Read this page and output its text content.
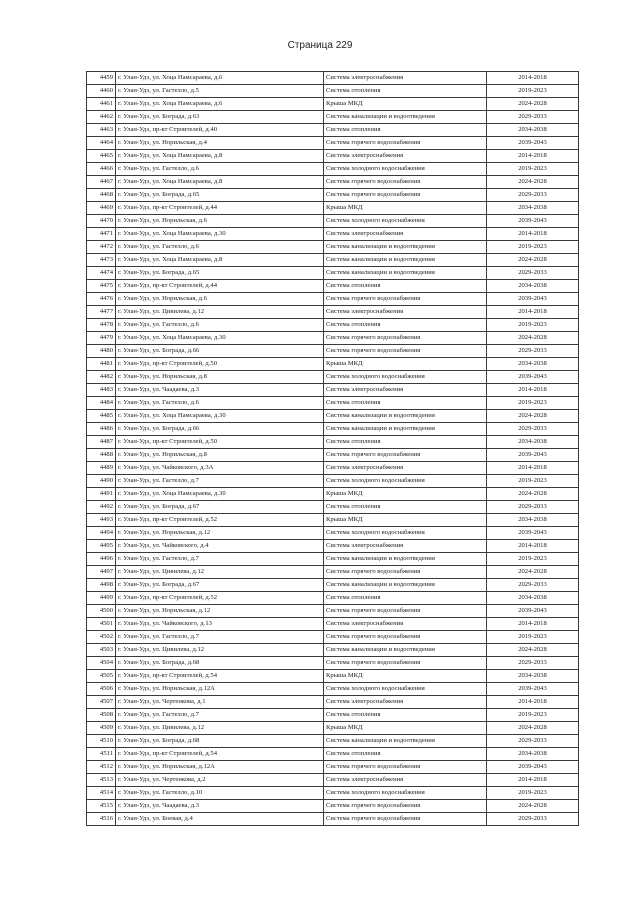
Страница 229
4459	г. Улан-Удэ, ул. Хоца Намсараева, д.6	Система электроснабжения	2014-2018
4460	г. Улан-Удэ, ул. Гастелло, д.5	Система отопления	2019-2023
4461	г. Улан-Удэ, ул. Хоца Намсараева, д.6	Крыша МКД	2024-2028
4462	г. Улан-Удэ, ул. Бограда, д.63	Система канализации и водоотведения	2029-2033
4463	г. Улан-Удэ, пр-кт Строителей, д.40	Система отопления	2034-2038
4464	г. Улан-Удэ, ул. Норильская, д.4	Система горячего водоснабжения	2039-2043
4465	г. Улан-Удэ, ул. Хоца Намсараева, д.8	Система электроснабжения	2014-2018
4466	г. Улан-Удэ, ул. Гастелло, д.6	Система холодного водоснабжения	2019-2023
4467	г. Улан-Удэ, ул. Хоца Намсараева, д.8	Система горячего водоснабжения	2024-2028
4468	г. Улан-Удэ, ул. Бограда, д.65	Система горячего водоснабжения	2029-2033
4469	г. Улан-Удэ, пр-кт Строителей, д.44	Крыша МКД	2034-2038
4470	г. Улан-Удэ, ул. Норильская, д.6	Система холодного водоснабжения	2039-2043
4471	г. Улан-Удэ, ул. Хоца Намсараева, д.30	Система электроснабжения	2014-2018
4472	г. Улан-Удэ, ул. Гастелло, д.6	Система канализации и водоотведения	2019-2023
4473	г. Улан-Удэ, ул. Хоца Намсараева, д.8	Система канализации и водоотведения	2024-2028
4474	г. Улан-Удэ, ул. Бограда, д.65	Система канализации и водоотведения	2029-2033
4475	г. Улан-Удэ, пр-кт Строителей, д.44	Система отопления	2034-2038
4476	г. Улан-Удэ, ул. Норильская, д.6	Система горячего водоснабжения	2039-2043
4477	г. Улан-Удэ, ул. Цивилева, д.12	Система электроснабжения	2014-2018
4478	г. Улан-Удэ, ул. Гастелло, д.6	Система отопления	2019-2023
4479	г. Улан-Удэ, ул. Хоца Намсараева, д.30	Система горячего водоснабжения	2024-2028
4480	г. Улан-Удэ, ул. Бограда, д.66	Система горячего водоснабжения	2029-2033
4481	г. Улан-Удэ, пр-кт Строителей, д.50	Крыша МКД	2034-2038
4482	г. Улан-Удэ, ул. Норильская, д.8	Система холодного водоснабжения	2039-2043
4483	г. Улан-Удэ, ул. Чаадаева, д.3	Система электроснабжения	2014-2018
4484	г. Улан-Удэ, ул. Гастелло, д.6	Система отопления	2019-2023
4485	г. Улан-Удэ, ул. Хоца Намсараева, д.30	Система канализации и водоотведения	2024-2028
4486	г. Улан-Удэ, ул. Бограда, д.66	Система канализации и водоотведения	2029-2033
4487	г. Улан-Удэ, пр-кт Строителей, д.50	Система отопления	2034-2038
4488	г. Улан-Удэ, ул. Норильская, д.8	Система горячего водоснабжения	2039-2043
4489	г. Улан-Удэ, ул. Чайковского, д.3А	Система электроснабжения	2014-2018
4490	г. Улан-Удэ, ул. Гастелло, д.7	Система холодного водоснабжения	2019-2023
4491	г. Улан-Удэ, ул. Хоца Намсараева, д.30	Крыша МКД	2024-2028
4492	г. Улан-Удэ, ул. Бограда, д.67	Система отопления	2029-2033
4493	г. Улан-Удэ, пр-кт Строителей, д.52	Крыша МКД	2034-2038
4494	г. Улан-Удэ, ул. Норильская, д.12	Система холодного водоснабжения	2039-2043
4495	г. Улан-Удэ, ул. Чайковского, д.4	Система электроснабжения	2014-2018
4496	г. Улан-Удэ, ул. Гастелло, д.7	Система канализации и водоотведения	2019-2023
4497	г. Улан-Удэ, ул. Цивилева, д.12	Система горячего водоснабжения	2024-2028
4498	г. Улан-Удэ, ул. Бограда, д.67	Система канализации и водоотведения	2029-2033
4499	г. Улан-Удэ, пр-кт Строителей, д.52	Система отопления	2034-2038
4500	г. Улан-Удэ, ул. Норильская, д.12	Система горячего водоснабжения	2039-2043
4501	г. Улан-Удэ, ул. Чайковского, д.13	Система электроснабжения	2014-2018
4502	г. Улан-Удэ, ул. Гастелло, д.7	Система горячего водоснабжения	2019-2023
4503	г. Улан-Удэ, ул. Цивилева, д.12	Система канализации и водоотведения	2024-2028
4504	г. Улан-Удэ, ул. Бограда, д.68	Система горячего водоснабжения	2029-2033
4505	г. Улан-Удэ, пр-кт Строителей, д.54	Крыша МКД	2034-2038
4506	г. Улан-Удэ, ул. Норильская, д.12А	Система холодного водоснабжения	2039-2043
4507	г. Улан-Удэ, ул. Чертенкова, д.1	Система электроснабжения	2014-2018
4508	г. Улан-Удэ, ул. Гастелло, д.7	Система отопления	2019-2023
4509	г. Улан-Удэ, ул. Цивилева, д.12	Крыша МКД	2024-2028
4510	г. Улан-Удэ, ул. Бограда, д.68	Система канализации и водоотведения	2029-2033
4511	г. Улан-Удэ, пр-кт Строителей, д.54	Система отопления	2034-2038
4512	г. Улан-Удэ, ул. Норильская, д.12А	Система горячего водоснабжения	2039-2043
4513	г. Улан-Удэ, ул. Чертенкова, д.2	Система электроснабжения	2014-2018
4514	г. Улан-Удэ, ул. Гастелло, д.10	Система холодного водоснабжения	2019-2023
4515	г. Улан-Удэ, ул. Чаадаева, д.3	Система горячего водоснабжения	2024-2028
4516	г. Улан-Удэ, ул. Боевая, д.4	Система горячего водоснабжения	2029-2033
